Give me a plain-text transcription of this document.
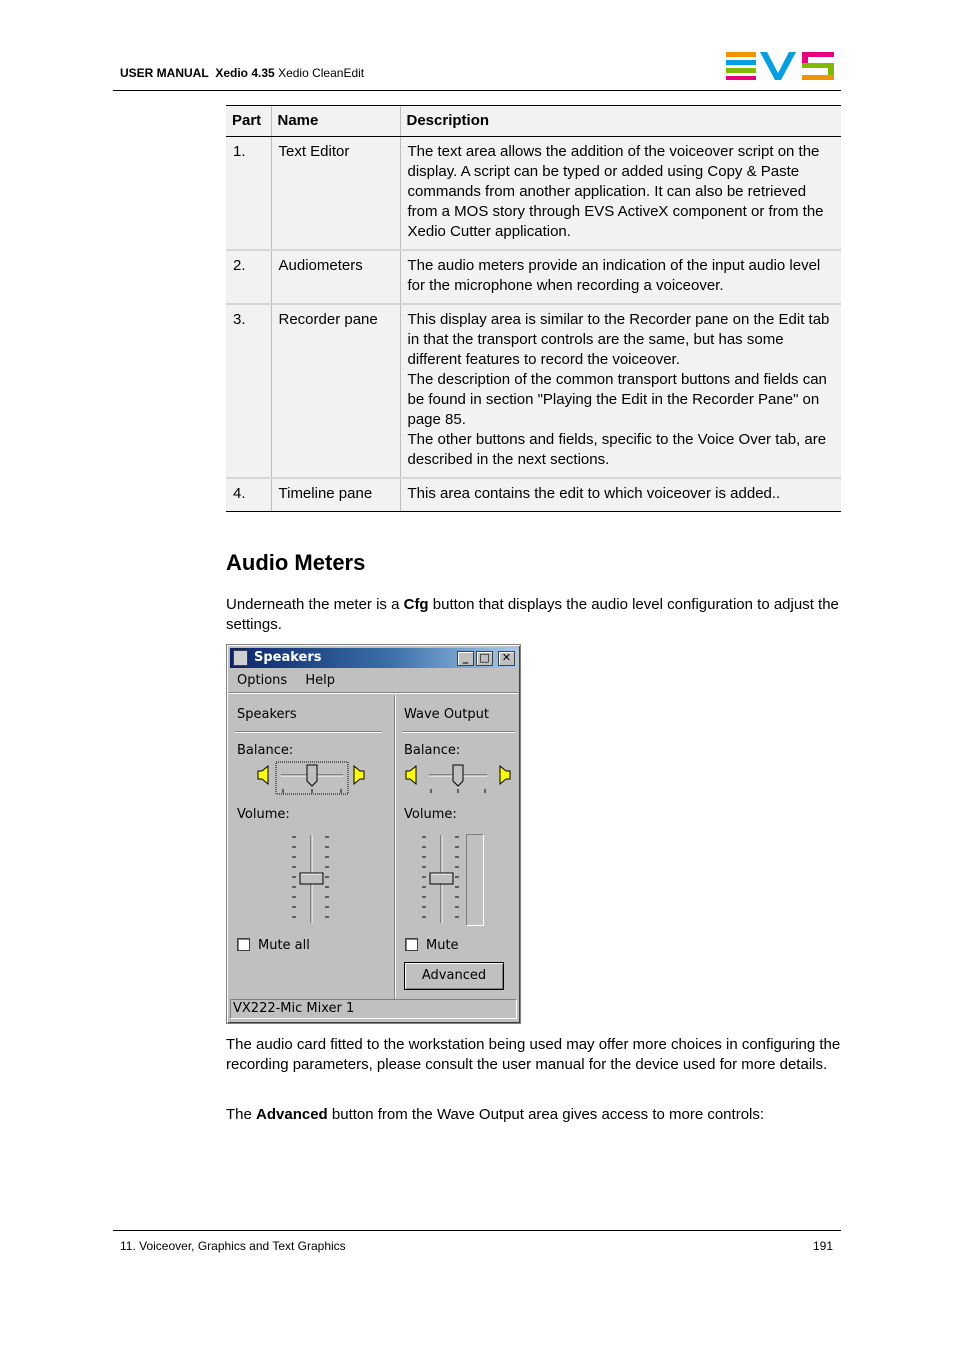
USER MANUAL Xedio 4.35 Xedio CleanEdit
Part	Name	Description
1.	Text Editor	The text area allows the addition of the voiceover script on the display. A script can be typed or added using Copy & Paste commands from another application. It can also be retrieved from a MOS story through EVS ActiveX component or from the Xedio Cutter application.

2.	Audiometers	The audio meters provide an indication of the input audio level for the microphone when recording a voiceover.

3.	Recorder pane	This display area is similar to the Recorder pane on the Edit tab in that the transport controls are the same, but has some different features to record the voiceover.
The description of the common transport buttons and fields can be found in section "Playing the Edit in the Recorder Pane" on page 85.
The other buttons and fields, specific to the Voice Over tab, are described in the next sections.

4.	Timeline pane	This area contains the edit to which voiceover is added..
Audio Meters

Underneath the meter is a Cfg button that displays the audio level configuration to adjust the settings.

Speakers	_	□	✕
Options Help
Speakers
Balance:
Volume:
Mute all
Wave Output
Balance:
Volume:
Mute
Advanced
VX222-Mic Mixer 1

The audio card fitted to the workstation being used may offer more choices in configuring the recording parameters, please consult the user manual for the device used for more details.

The Advanced button from the Wave Output area gives access to more controls:

11. Voiceover, Graphics and Text Graphics	191
